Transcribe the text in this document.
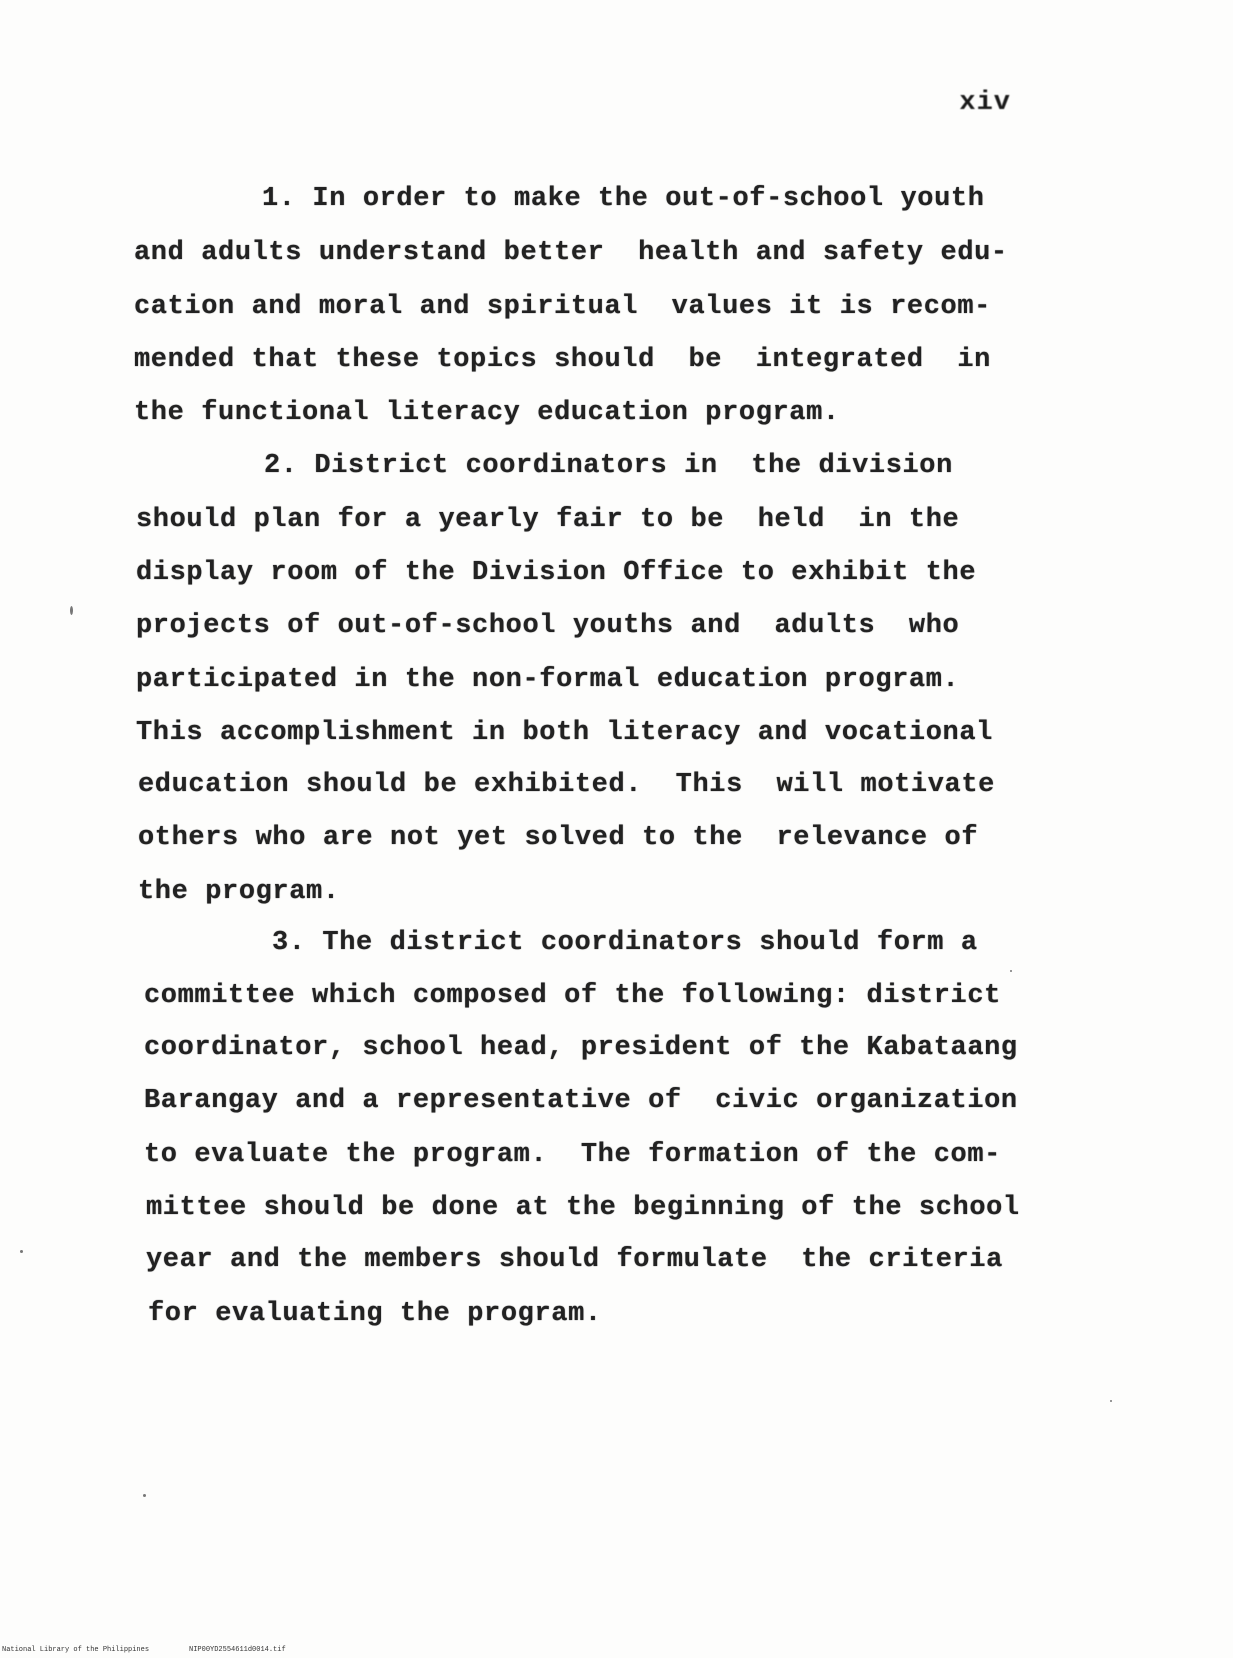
xiv
1. In order to make the out-of-school youth
and adults understand better  health and safety edu-
cation and moral and spiritual  values it is recom-
mended that these topics should  be  integrated  in
the functional literacy education program.
2. District coordinators in  the division
should plan for a yearly fair to be  held  in the
display room of the Division Office to exhibit the
projects of out-of-school youths and  adults  who
participated in the non-formal education program.
This accomplishment in both literacy and vocational
education should be exhibited.  This  will motivate
others who are not yet solved to the  relevance of
the program.
3. The district coordinators should form a
committee which composed of the following: district
coordinator, school head, president of the Kabataang
Barangay and a representative of  civic organization
to evaluate the program.  The formation of the com-
mittee should be done at the beginning of the school
year and the members should formulate  the criteria
for evaluating the program.
National Library of the Philippines	NIP00YD2554611d0014.tif
